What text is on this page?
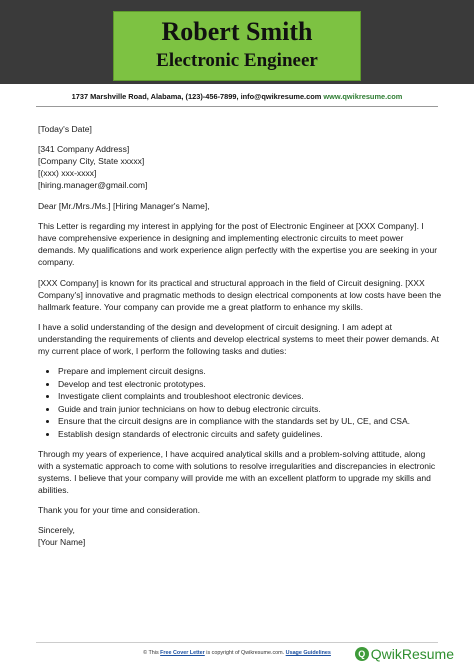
Robert Smith
Electronic Engineer
1737 Marshville Road, Alabama, (123)-456-7899, info@qwikresume.com www.qwikresume.com

[Today's Date]

[341 Company Address]
[Company City, State xxxxx]
[(xxx) xxx-xxxx]
[hiring.manager@gmail.com]

Dear [Mr./Mrs./Ms.] [Hiring Manager's Name],

This Letter is regarding my interest in applying for the post of Electronic Engineer at [XXX Company]. I have comprehensive experience in designing and implementing electronic circuits to meet power demands. My qualifications and work experience align perfectly with the expertise you are seeking in your company.

[XXX Company] is known for its practical and structural approach in the field of Circuit designing. [XXX Company's] innovative and pragmatic methods to design electrical components at low costs have been the hallmark feature. Your company can provide me a great platform to enhance my skills.

I have a solid understanding of the design and development of circuit designing. I am adept at understanding the requirements of clients and develop electrical systems to meet their power demands. At my current place of work, I perform the following tasks and duties:

• Prepare and implement circuit designs.
• Develop and test electronic prototypes.
• Investigate client complaints and troubleshoot electronic devices.
• Guide and train junior technicians on how to debug electronic circuits.
• Ensure that the circuit designs are in compliance with the standards set by UL, CE, and CSA.
• Establish design standards of electronic circuits and safety guidelines.

Through my years of experience, I have acquired analytical skills and a problem-solving attitude, along with a systematic approach to come with solutions to resolve irregularities and discrepancies in electronic systems. I believe that your company will provide me with an excellent platform to upgrade my skills and abilities.

Thank you for your time and consideration.

Sincerely,
[Your Name]
© This Free Cover Letter is copyright of Qwikresume.com. Usage Guidelines	Q QwikResume
